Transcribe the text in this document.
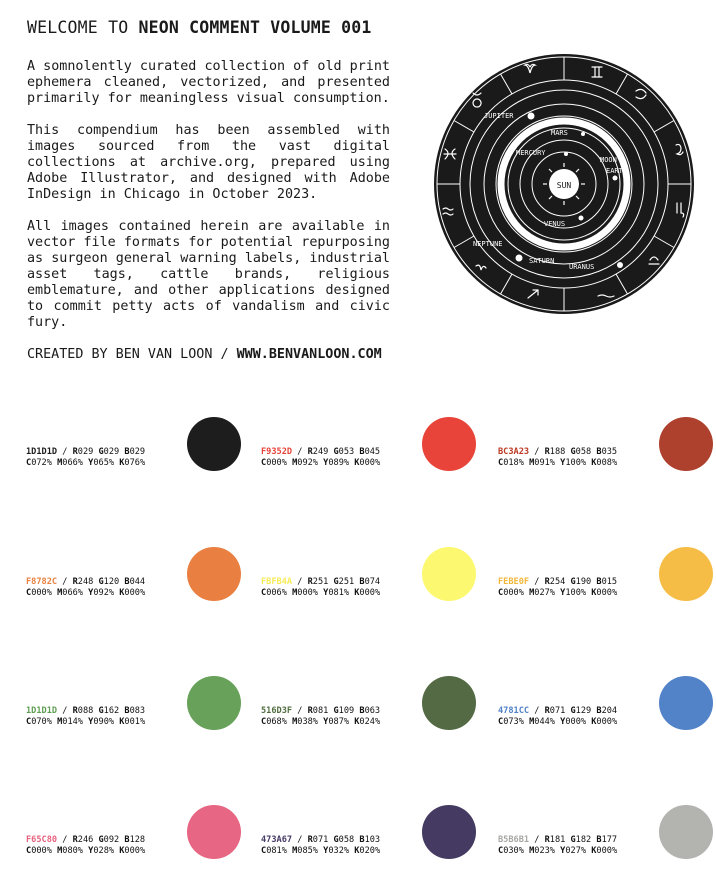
WELCOME TO NEON COMMENT VOLUME 001

A somnolently curated collection of old print ephemera cleaned, vectorized, and presented primarily for meaningless visual consumption.

This compendium has been assembled with images sourced from the vast digital collections at archive.org, prepared using Adobe Illustrator, and designed with Adobe InDesign in Chicago in October 2023.

All images contained herein are available in vector file formats for potential repurposing as surgeon general warning labels, industrial asset tags, cattle brands, religious emblemature, and other applications designed to commit petty acts of vandalism and civic fury.

CREATED BY BEN VAN LOON / WWW.BENVANLOON.COM
JUPITER
MARS
MERCURY
MOON
EARTH
VENUS
NEPTUNE
SATURN
URANUS
SUN
1D1D1D / R029 G029 B029
C072% M066% Y065% K076%
F9352D / R249 G053 B045
C000% M092% Y089% K000%
BC3A23 / R188 G058 B035
C018% M091% Y100% K008%
F8782C / R248 G120 B044
C000% M066% Y092% K000%
FBFB4A / R251 G251 B074
C006% M000% Y081% K000%
FEBE0F / R254 G190 B015
C000% M027% Y100% K000%
1D1D1D / R088 G162 B083
C070% M014% Y090% K001%
516D3F / R081 G109 B063
C068% M038% Y087% K024%
4781CC / R071 G129 B204
C073% M044% Y000% K000%
F65C80 / R246 G092 B128
C000% M080% Y028% K000%
473A67 / R071 G058 B103
C081% M085% Y032% K020%
B5B6B1 / R181 G182 B177
C030% M023% Y027% K000%
